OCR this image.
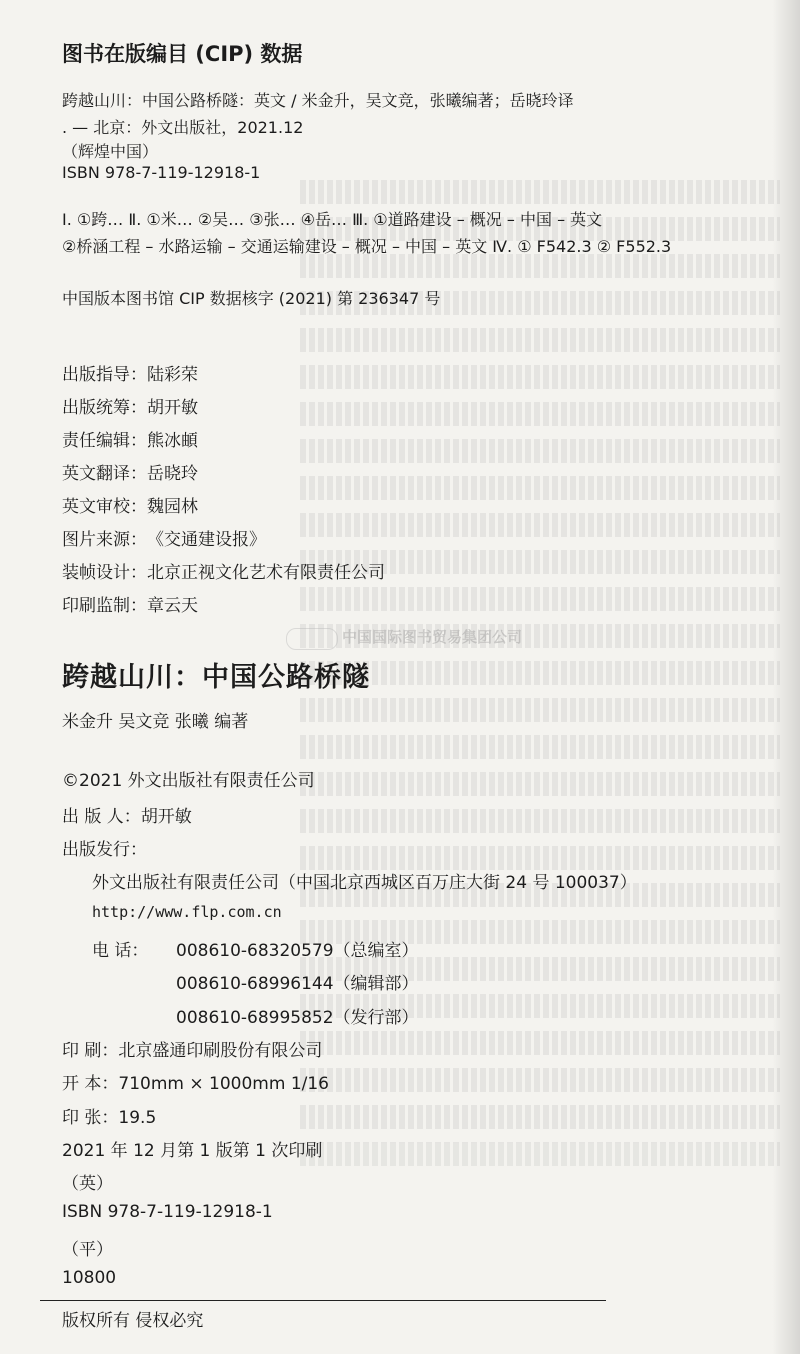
图书在版编目 (CIP) 数据
跨越山川：中国公路桥隧：英文 / 米金升，吴文竞，张曦编著；岳晓玲译
. — 北京：外文出版社，2021.12
（辉煌中国）
ISBN 978-7-119-12918-1
Ⅰ. ①跨… Ⅱ. ①米… ②吴… ③张… ④岳… Ⅲ. ①道路建设 – 概况 – 中国 – 英文
②桥涵工程 – 水路运输 – 交通运输建设 – 概况 – 中国 – 英文 Ⅳ. ① F542.3 ② F552.3
中国版本图书馆 CIP 数据核字 (2021) 第 236347 号
出版指导：陆彩荣
出版统筹：胡开敏
责任编辑：熊冰頔
英文翻译：岳晓玲
英文审校：魏园林
图片来源：《交通建设报》
装帧设计：北京正视文化艺术有限责任公司
印刷监制：章云天
中国国际图书贸易集团公司
跨越山川：中国公路桥隧
米金升 吴文竞 张曦 编著
©2021 外文出版社有限责任公司
出 版 人：胡开敏
出版发行：
外文出版社有限责任公司（中国北京西城区百万庄大街 24 号 100037）
http://www.flp.com.cn
电 话： 008610-68320579（总编室）
008610-68996144（编辑部）
008610-68995852（发行部）
印 刷：北京盛通印刷股份有限公司
开 本：710mm × 1000mm 1/16
印 张：19.5
2021 年 12 月第 1 版第 1 次印刷
（英）
ISBN 978-7-119-12918-1
（平）
10800
版权所有 侵权必究
